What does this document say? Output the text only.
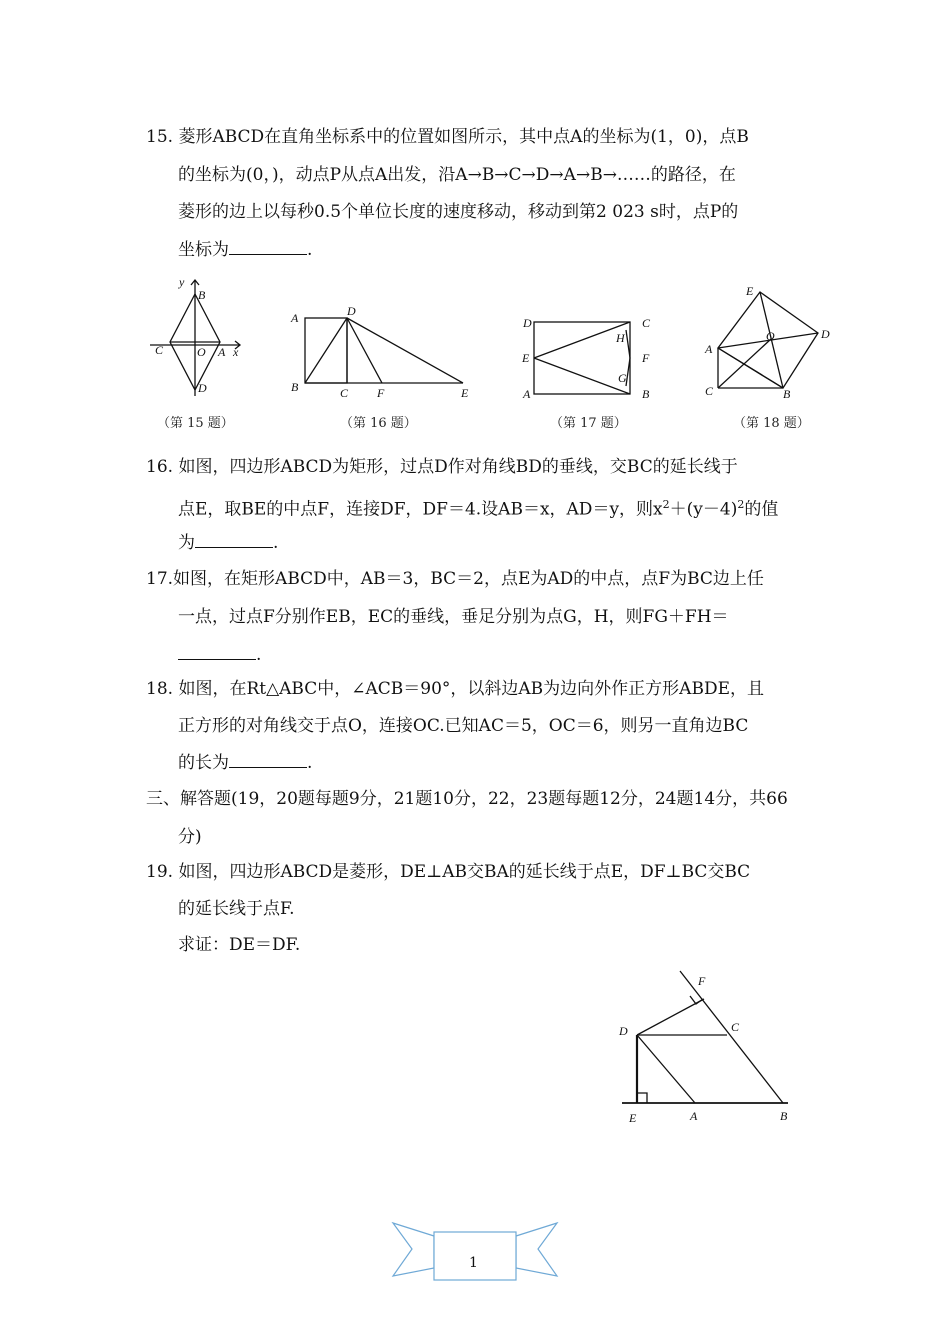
15. 菱形ABCD在直角坐标系中的位置如图所示，其中点A的坐标为(1，0)，点B
的坐标为(0，)，动点P从点A出发，沿A→B→C→D→A→B→……的路径，在
菱形的边上以每秒0.5个单位长度的速度移动，移动到第2 023 s时，点P的
坐标为	.
y
B
C	O A x
D
（第 15 题）
A	D
B	C F	E
（第 16 题）
D	C
H
E	F
G
A	B
（第 17 题）
E
O	D
A
C	B
（第 18 题）
16. 如图，四边形ABCD为矩形，过点D作对角线BD的垂线，交BC的延长线于
点E，取BE的中点F，连接DF，DF＝4.设AB＝x，AD＝y，则$x^2+(y-4)^2$的值
为	.
17.如图，在矩形ABCD中，AB＝3，BC＝2，点E为AD的中点，点F为BC边上任
一点，过点F分别作EB，EC的垂线，垂足分别为点G，H，则FG＋FH＝
.
18. 如图，在Rt△ABC中，∠ACB＝90°，以斜边AB为边向外作正方形ABDE，且
正方形的对角线交于点O，连接OC.已知AC＝5，OC＝6，则另一直角边BC
的长为	.
三、解答题(19，20题每题9分，21题10分，22，23题每题12分，24题14分，共66
分)
19. 如图，四边形ABCD是菱形，DE⊥AB交BA的延长线于点E，DF⊥BC交BC
的延长线于点F.
求证：DE＝DF.
F
D	C
E	A	B
1
